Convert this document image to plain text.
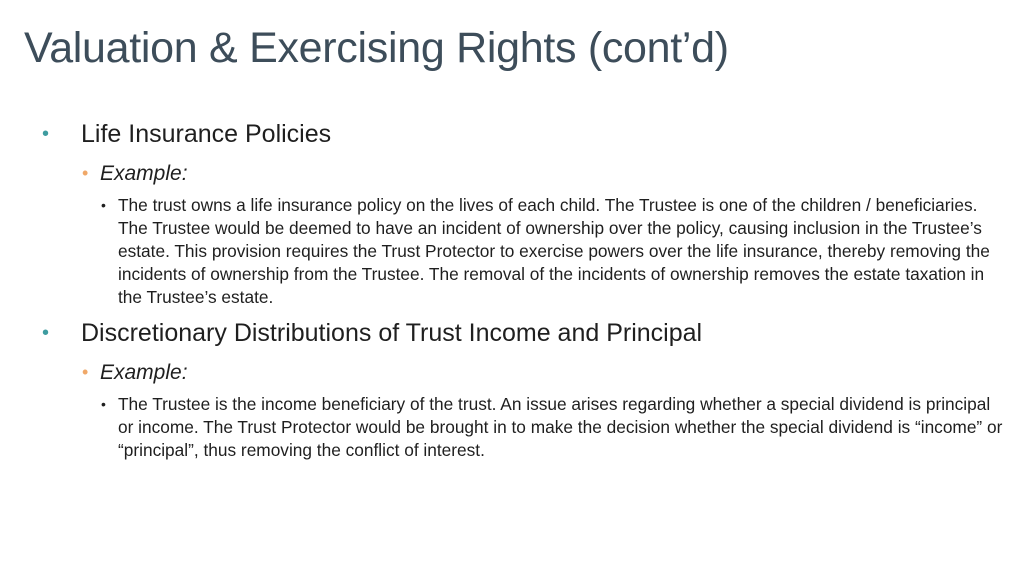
Valuation & Exercising Rights (cont’d)
• Life Insurance Policies
• Example:
• The trust owns a life insurance policy on the lives of each child. The Trustee is one of the children / beneficiaries. The Trustee would be deemed to have an incident of ownership over the policy, causing inclusion in the Trustee’s estate. This provision requires the Trust Protector to exercise powers over the life insurance, thereby removing the incidents of ownership from the Trustee. The removal of the incidents of ownership removes the estate taxation in the Trustee’s estate.
• Discretionary Distributions of Trust Income and Principal
• Example:
• The Trustee is the income beneficiary of the trust. An issue arises regarding whether a special dividend is principal or income. The Trust Protector would be brought in to make the decision whether the special dividend is “income” or “principal”, thus removing the conflict of interest.
